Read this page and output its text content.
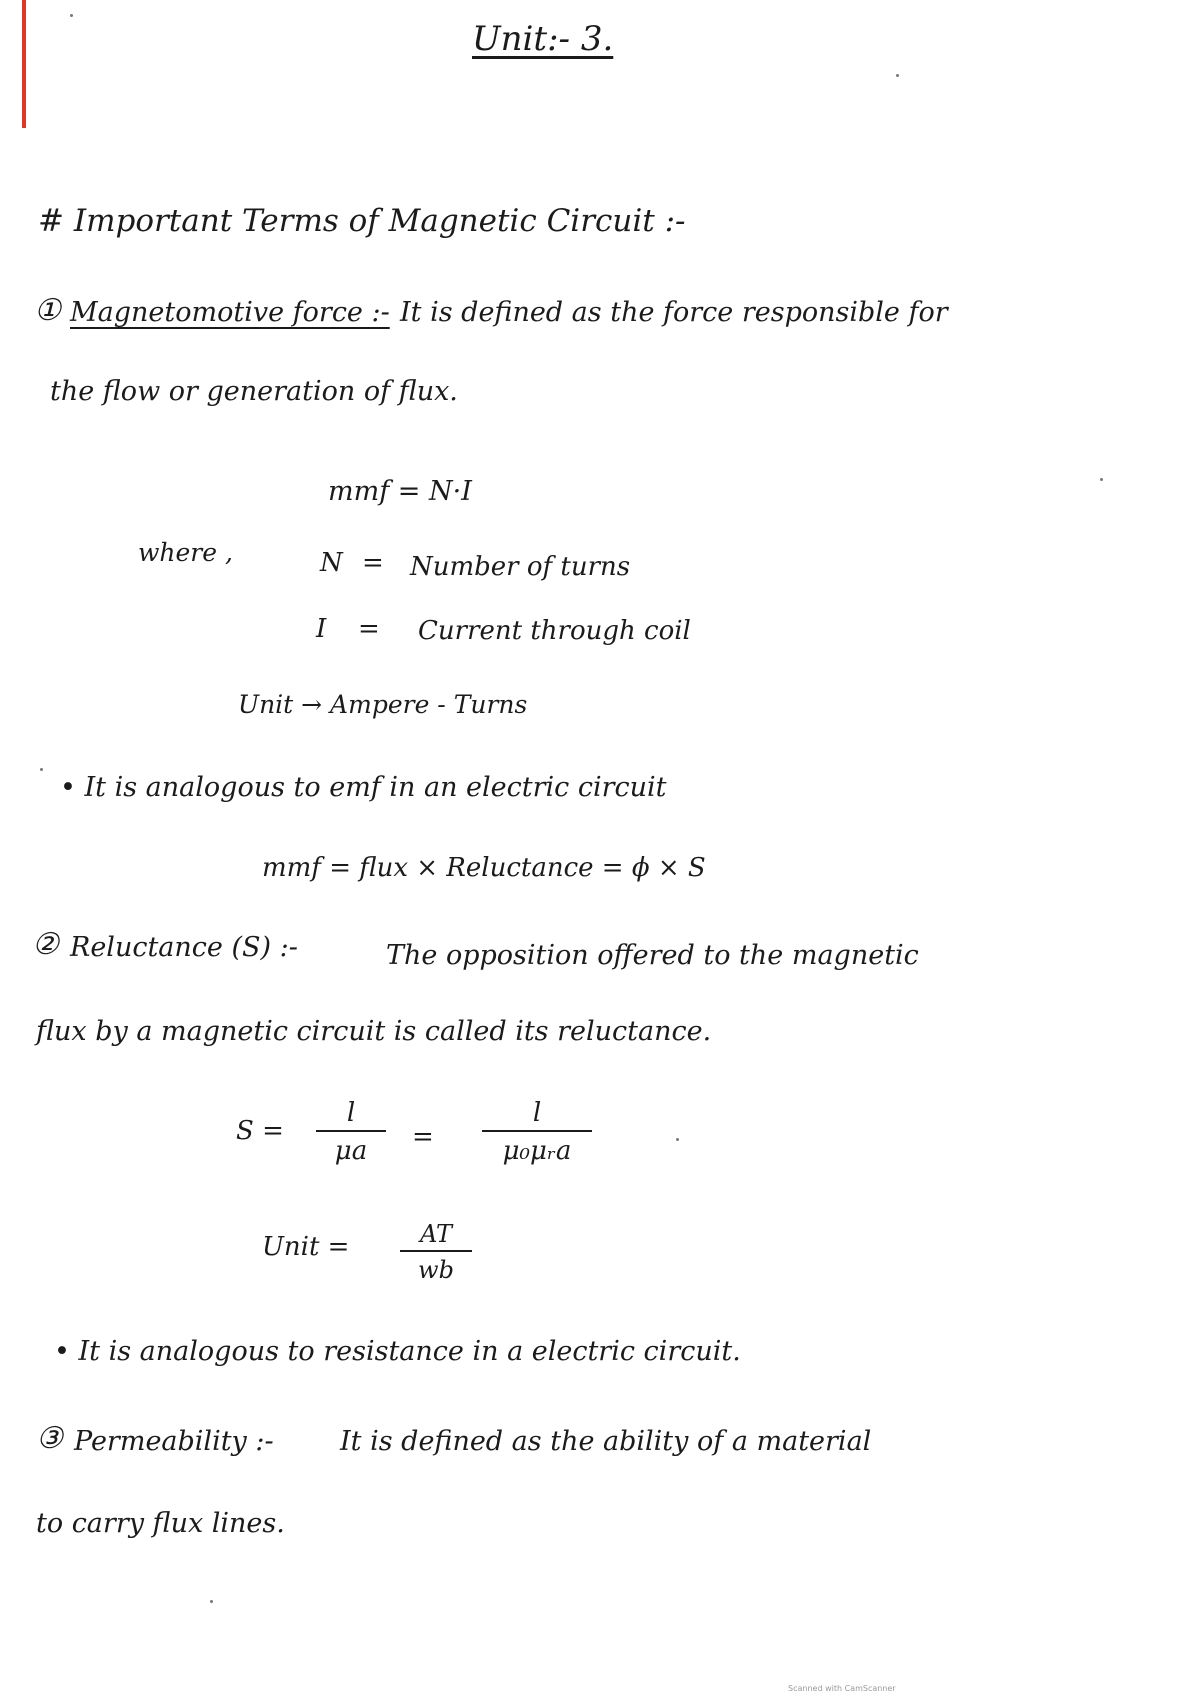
Unit:- 3.
# Important Terms of Magnetic Circuit :-
① Magnetomotive force :- It is defined as the force responsible for
the flow or generation of flux.
mmf = N·I
where ,	N = Number of turns
I = Current through coil
Unit → Ampere - Turns
• It is analogous to emf in an electric circuit
mmf = flux × Reluctance = ϕ × S
② Reluctance (S) :-	The opposition offered to the magnetic
flux by a magnetic circuit is called its reluctance.
$S = \frac{l}{\mu a}$ =
l
μ₀μᵣa
Unit = $\frac{AT}{wb}$
• It is analogous to resistance in a electric circuit.
③ Permeability :- It is defined as the ability of a material
to carry flux lines.
Scanned with CamScanner
